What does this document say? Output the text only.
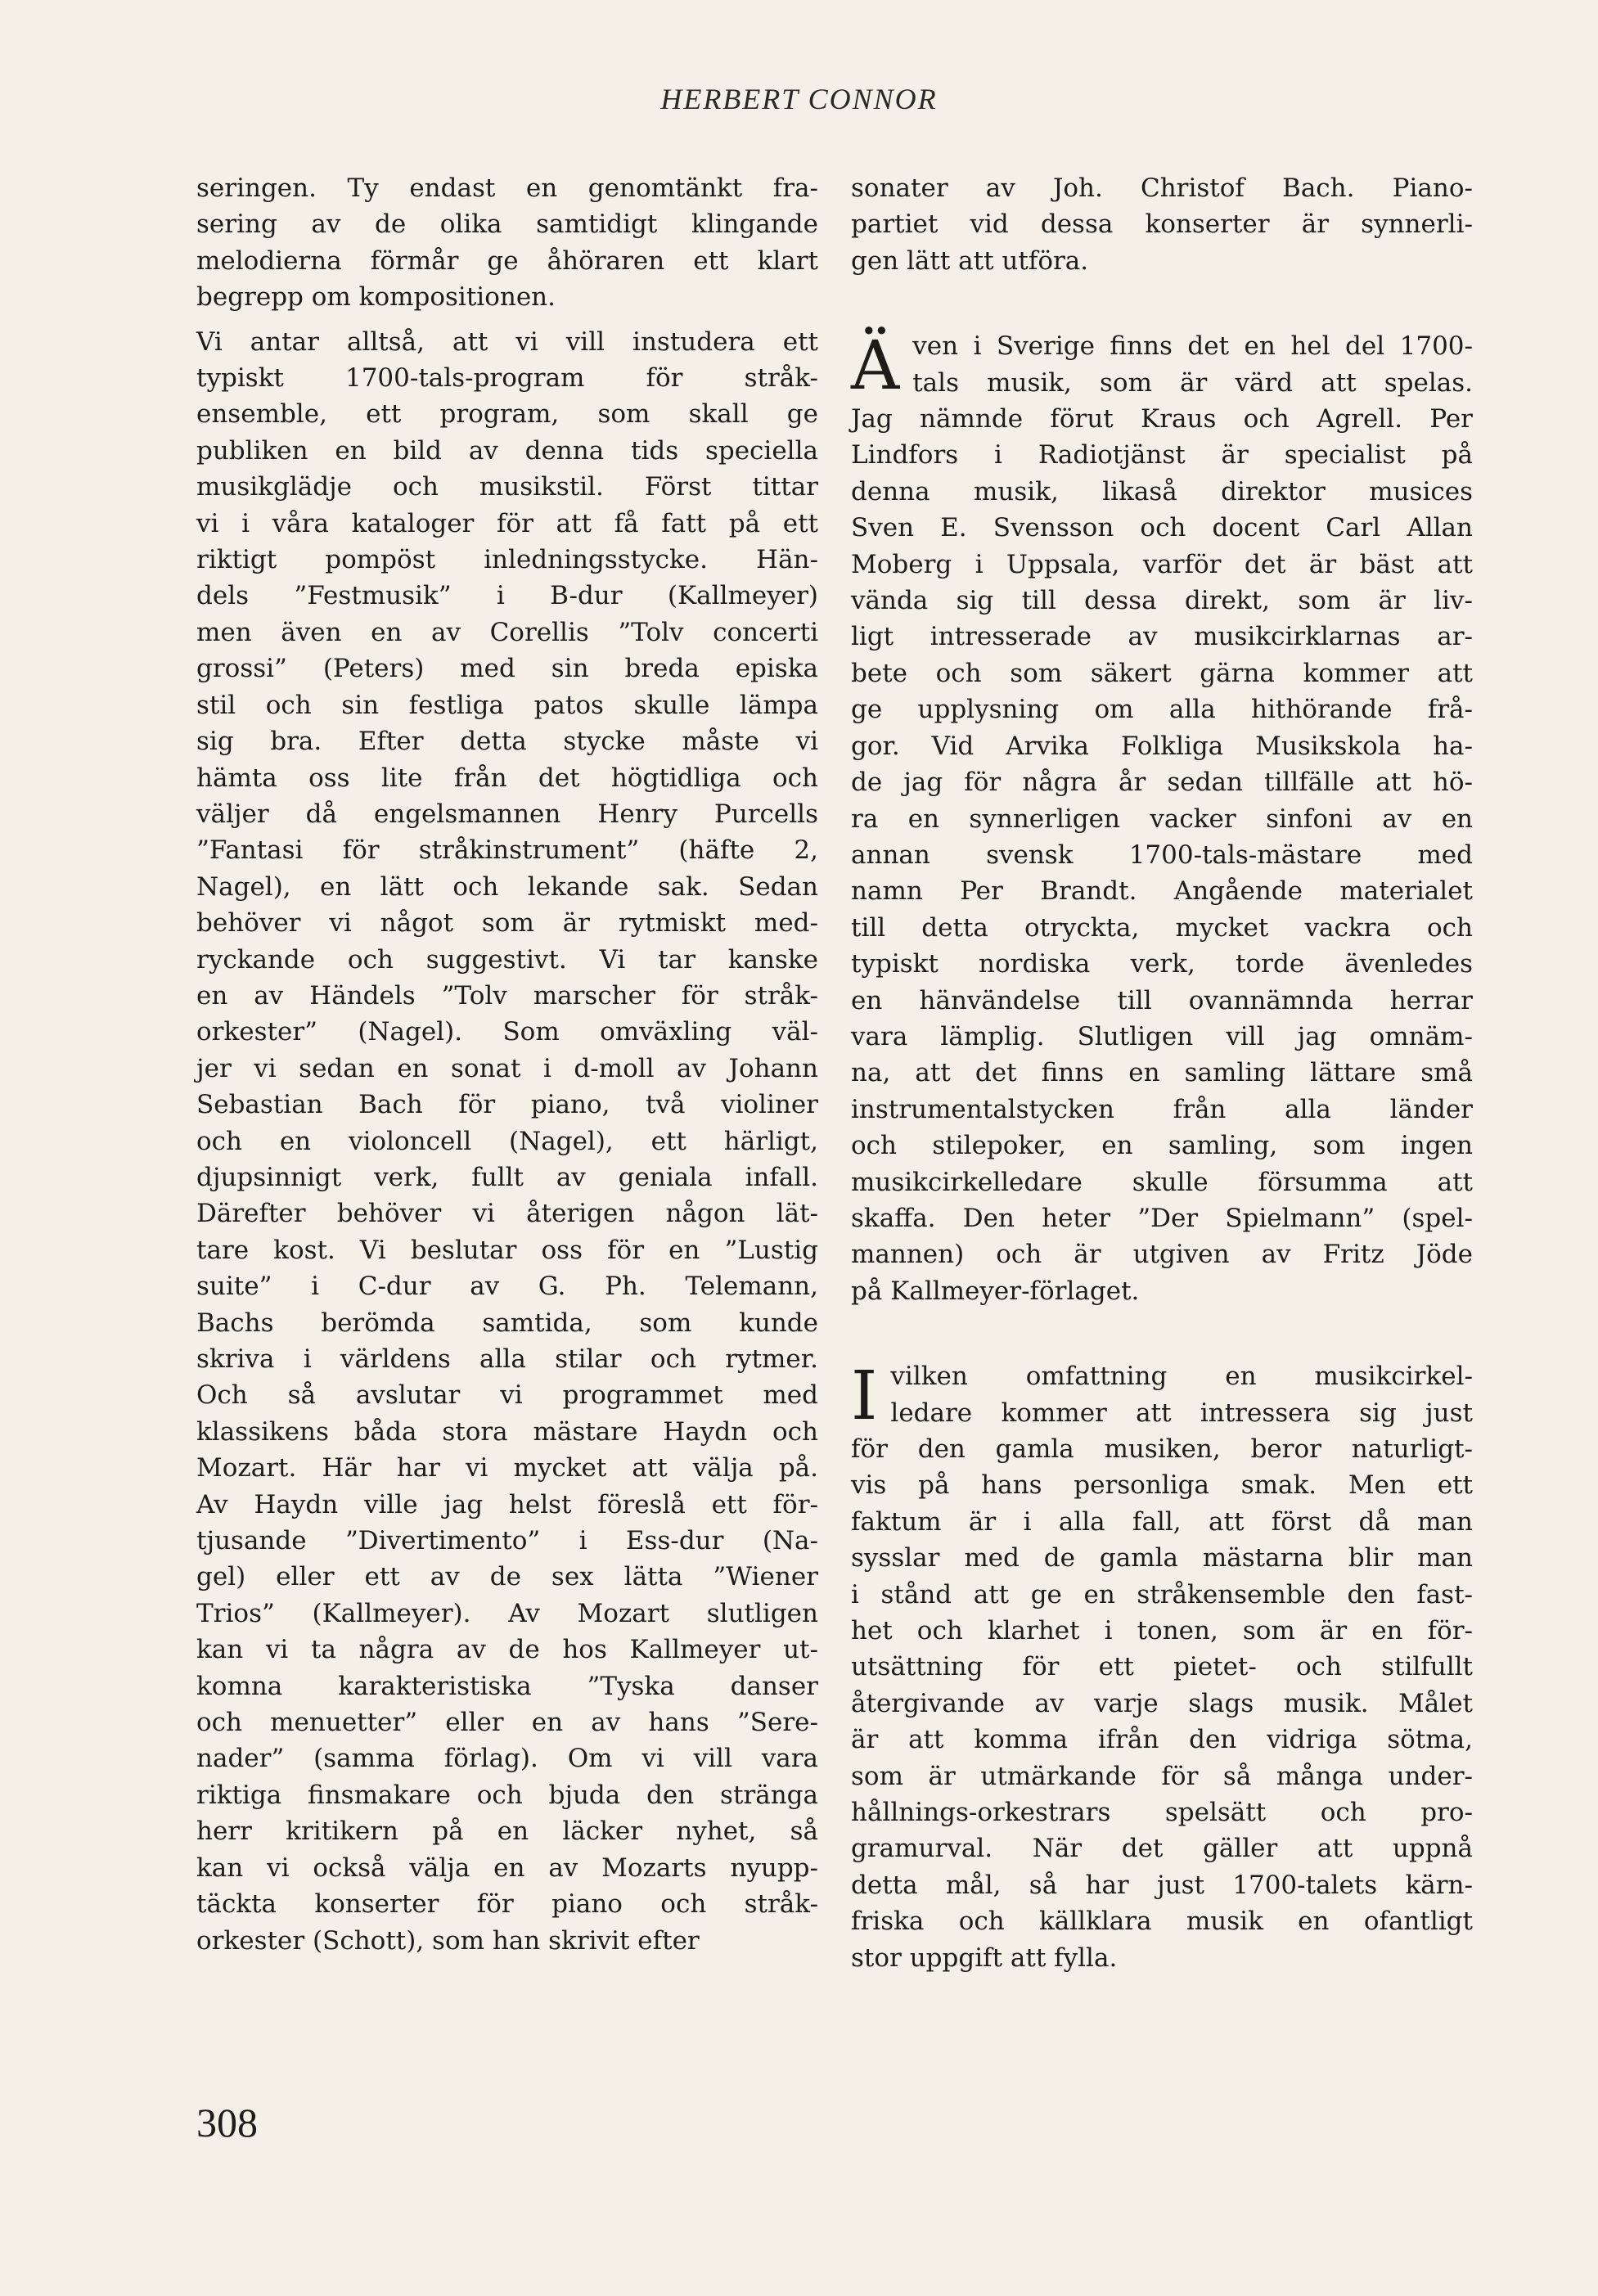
HERBERT CONNOR

seringen. Ty endast en genomtänkt fra-
sering av de olika samtidigt klingande
melodierna förmår ge åhöraren ett klart
begrepp om kompositionen.

Vi antar alltså, att vi vill instudera ett
typiskt 1700-tals-program för stråk-
ensemble, ett program, som skall ge
publiken en bild av denna tids speciella
musikglädje och musikstil. Först tittar
vi i våra kataloger för att få fatt på ett
riktigt pompöst inledningsstycke. Hän-
dels ”Festmusik” i B-dur (Kallmeyer)
men även en av Corellis ”Tolv concerti
grossi” (Peters) med sin breda episka
stil och sin festliga patos skulle lämpa
sig bra. Efter detta stycke måste vi
hämta oss lite från det högtidliga och
väljer då engelsmannen Henry Purcells
”Fantasi för stråkinstrument” (häfte 2,
Nagel), en lätt och lekande sak. Sedan
behöver vi något som är rytmiskt med-
ryckande och suggestivt. Vi tar kanske
en av Händels ”Tolv marscher för stråk-
orkester” (Nagel). Som omväxling väl-
jer vi sedan en sonat i d-moll av Johann
Sebastian Bach för piano, två violiner
och en violoncell (Nagel), ett härligt,
djupsinnigt verk, fullt av geniala infall.
Därefter behöver vi återigen någon lät-
tare kost. Vi beslutar oss för en ”Lustig
suite” i C-dur av G. Ph. Telemann,
Bachs berömda samtida, som kunde
skriva i världens alla stilar och rytmer.
Och så avslutar vi programmet med
klassikens båda stora mästare Haydn och
Mozart. Här har vi mycket att välja på.
Av Haydn ville jag helst föreslå ett för-
tjusande ”Divertimento” i Ess-dur (Na-
gel) eller ett av de sex lätta ”Wiener
Trios” (Kallmeyer). Av Mozart slutligen
kan vi ta några av de hos Kallmeyer ut-
komna karakteristiska ”Tyska danser
och menuetter” eller en av hans ”Sere-
nader” (samma förlag). Om vi vill vara
riktiga finsmakare och bjuda den stränga
herr kritikern på en läcker nyhet, så
kan vi också välja en av Mozarts nyupp-
täckta konserter för piano och stråk-
orkester (Schott), som han skrivit efter

sonater av Joh. Christof Bach. Piano-
partiet vid dessa konserter är synnerli-
gen lätt att utföra.

Ä ven i Sverige finns det en hel del 1700-
tals musik, som är värd att spelas.
Jag nämnde förut Kraus och Agrell. Per
Lindfors i Radiotjänst är specialist på
denna musik, likaså direktor musices
Sven E. Svensson och docent Carl Allan
Moberg i Uppsala, varför det är bäst att
vända sig till dessa direkt, som är liv-
ligt intresserade av musikcirklarnas ar-
bete och som säkert gärna kommer att
ge upplysning om alla hithörande frå-
gor. Vid Arvika Folkliga Musikskola ha-
de jag för några år sedan tillfälle att hö-
ra en synnerligen vacker sinfoni av en
annan svensk 1700-tals-mästare med
namn Per Brandt. Angående materialet
till detta otryckta, mycket vackra och
typiskt nordiska verk, torde ävenledes
en hänvändelse till ovannämnda herrar
vara lämplig. Slutligen vill jag omnäm-
na, att det finns en samling lättare små
instrumentalstycken från alla länder
och stilepoker, en samling, som ingen
musikcirkelledare skulle försumma att
skaffa. Den heter ”Der Spielmann” (spel-
mannen) och är utgiven av Fritz Jöde
på Kallmeyer-förlaget.

I vilken omfattning en musikcirkel-
ledare kommer att intressera sig just
för den gamla musiken, beror naturligt-
vis på hans personliga smak. Men ett
faktum är i alla fall, att först då man
sysslar med de gamla mästarna blir man
i stånd att ge en stråkensemble den fast-
het och klarhet i tonen, som är en för-
utsättning för ett pietet- och stilfullt
återgivande av varje slags musik. Målet
är att komma ifrån den vidriga sötma,
som är utmärkande för så många under-
hållnings-orkestrars spelsätt och pro-
gramurval. När det gäller att uppnå
detta mål, så har just 1700-talets kärn-
friska och källklara musik en ofantligt
stor uppgift att fylla.

308
